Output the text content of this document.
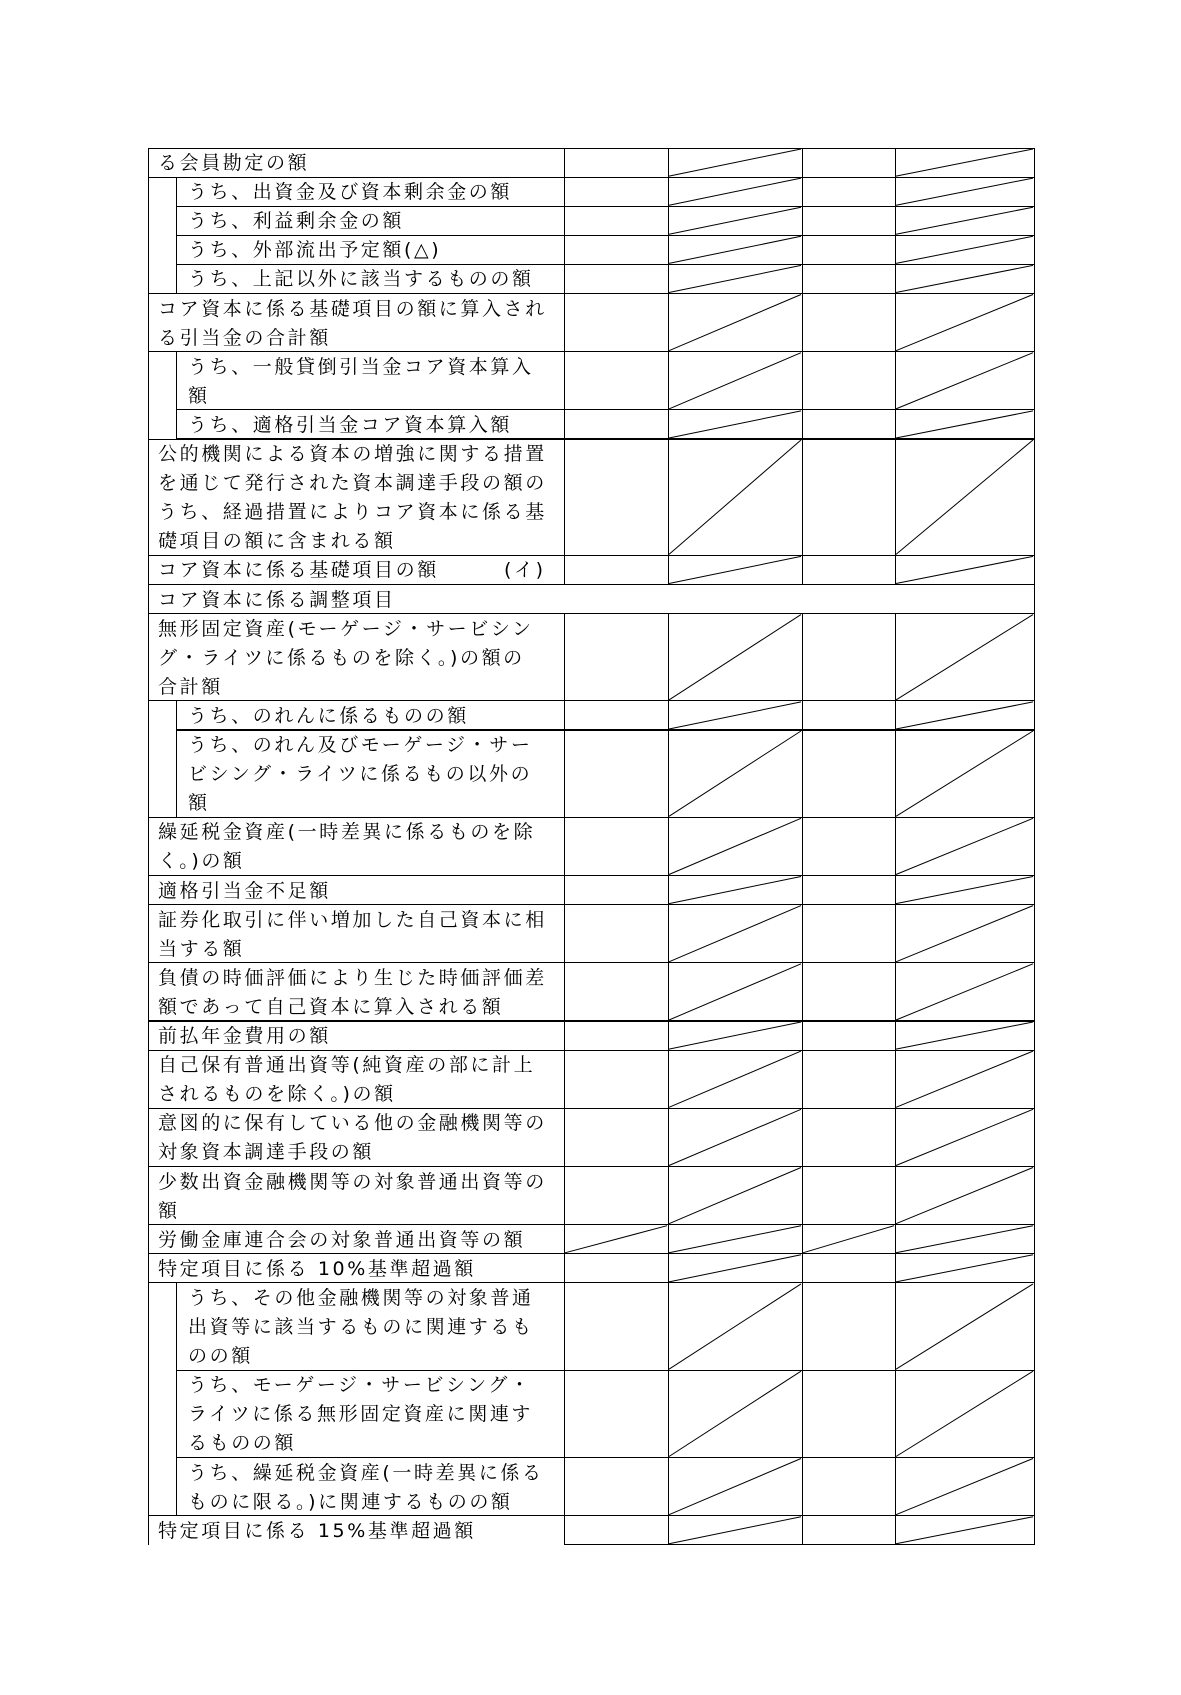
る会員勘定の額
うち、出資金及び資本剰余金の額
うち、利益剰余金の額
うち、外部流出予定額(△)
うち、上記以外に該当するものの額
コア資本に係る基礎項目の額に算入され
る引当金の合計額
うち、一般貸倒引当金コア資本算入
額
うち、適格引当金コア資本算入額
公的機関による資本の増強に関する措置
を通じて発行された資本調達手段の額の
うち、経過措置によりコア資本に係る基
礎項目の額に含まれる額
コア資本に係る基礎項目の額	(イ)
コア資本に係る調整項目
無形固定資産(モーゲージ・サービシン
グ・ライツに係るものを除く。)の額の
合計額
うち、のれんに係るものの額
うち、のれん及びモーゲージ・サー
ビシング・ライツに係るもの以外の
額
繰延税金資産(一時差異に係るものを除
く。)の額
適格引当金不足額
証券化取引に伴い増加した自己資本に相
当する額
負債の時価評価により生じた時価評価差
額であって自己資本に算入される額
前払年金費用の額
自己保有普通出資等(純資産の部に計上
されるものを除く。)の額
意図的に保有している他の金融機関等の
対象資本調達手段の額
少数出資金融機関等の対象普通出資等の
額
労働金庫連合会の対象普通出資等の額
特定項目に係る 10%基準超過額
うち、その他金融機関等の対象普通
出資等に該当するものに関連するも
のの額
うち、モーゲージ・サービシング・
ライツに係る無形固定資産に関連す
るものの額
うち、繰延税金資産(一時差異に係る
ものに限る。)に関連するものの額
特定項目に係る 15%基準超過額
